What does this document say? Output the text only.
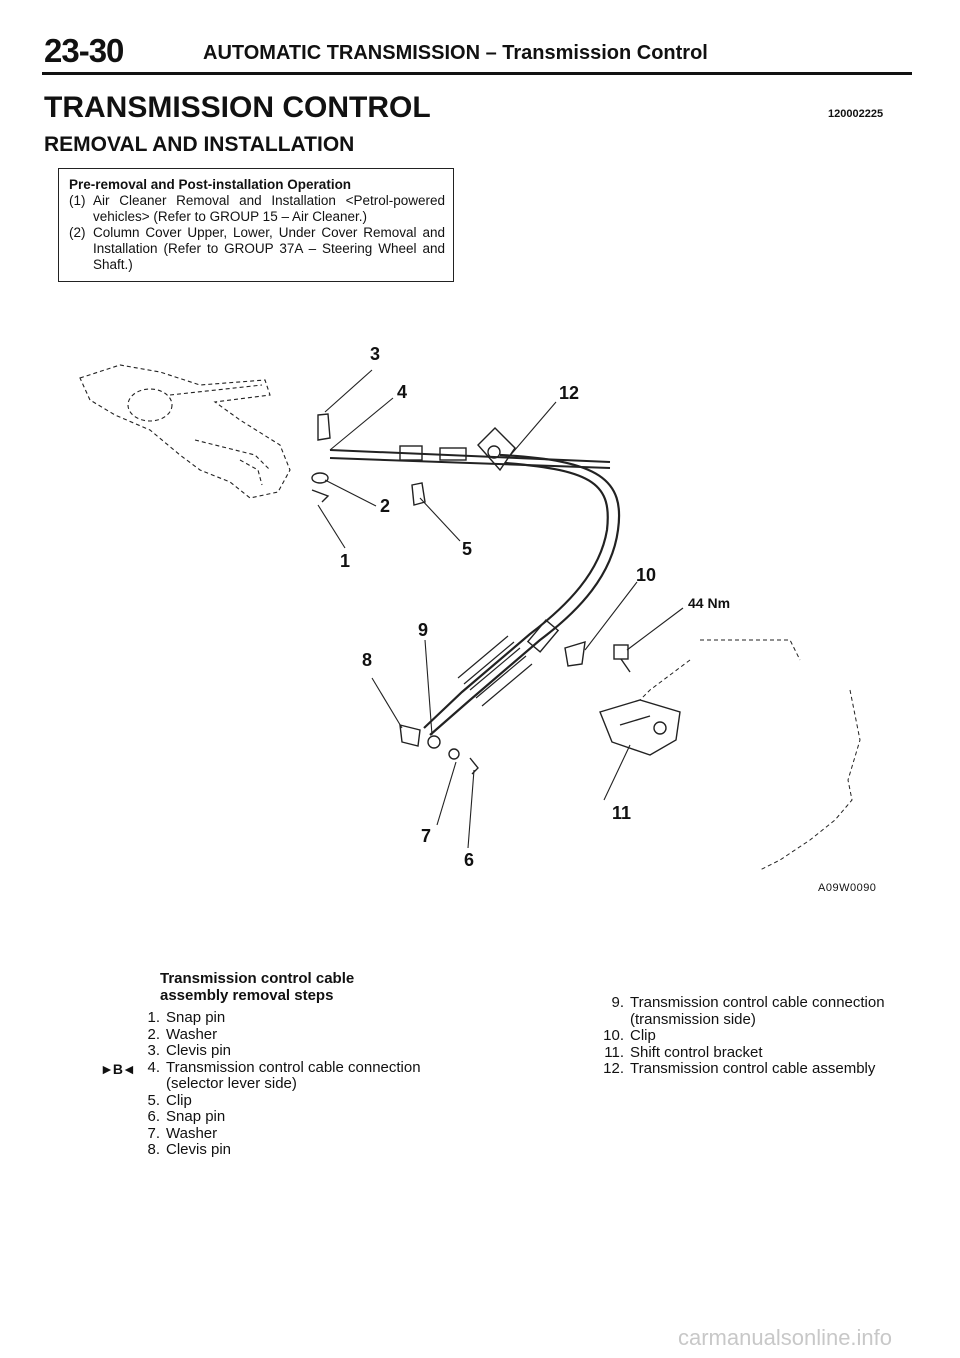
23-30	AUTOMATIC TRANSMISSION – Transmission Control
TRANSMISSION CONTROL	120002225
REMOVAL AND INSTALLATION
Pre-removal and Post-installation Operation
(1) Air Cleaner Removal and Installation <Petrol-powered vehicles> (Refer to GROUP 15 – Air Cleaner.)
(2) Column Cover Upper, Lower, Under Cover Removal and Installation (Refer to GROUP 37A – Steering Wheel and Shaft.)
3
4	12
2
5
1
10
44 Nm
9
8
11
7
6
A09W0090
Transmission control cable
assembly removal steps
►B◄
1. Snap pin
2. Washer
3. Clevis pin
4. Transmission control cable connection
(selector lever side)
5. Clip
6. Snap pin
7. Washer
8. Clevis pin
9. Transmission control cable connection
(transmission side)
10. Clip
11. Shift control bracket
12. Transmission control cable assembly
carmanualsonline.info
